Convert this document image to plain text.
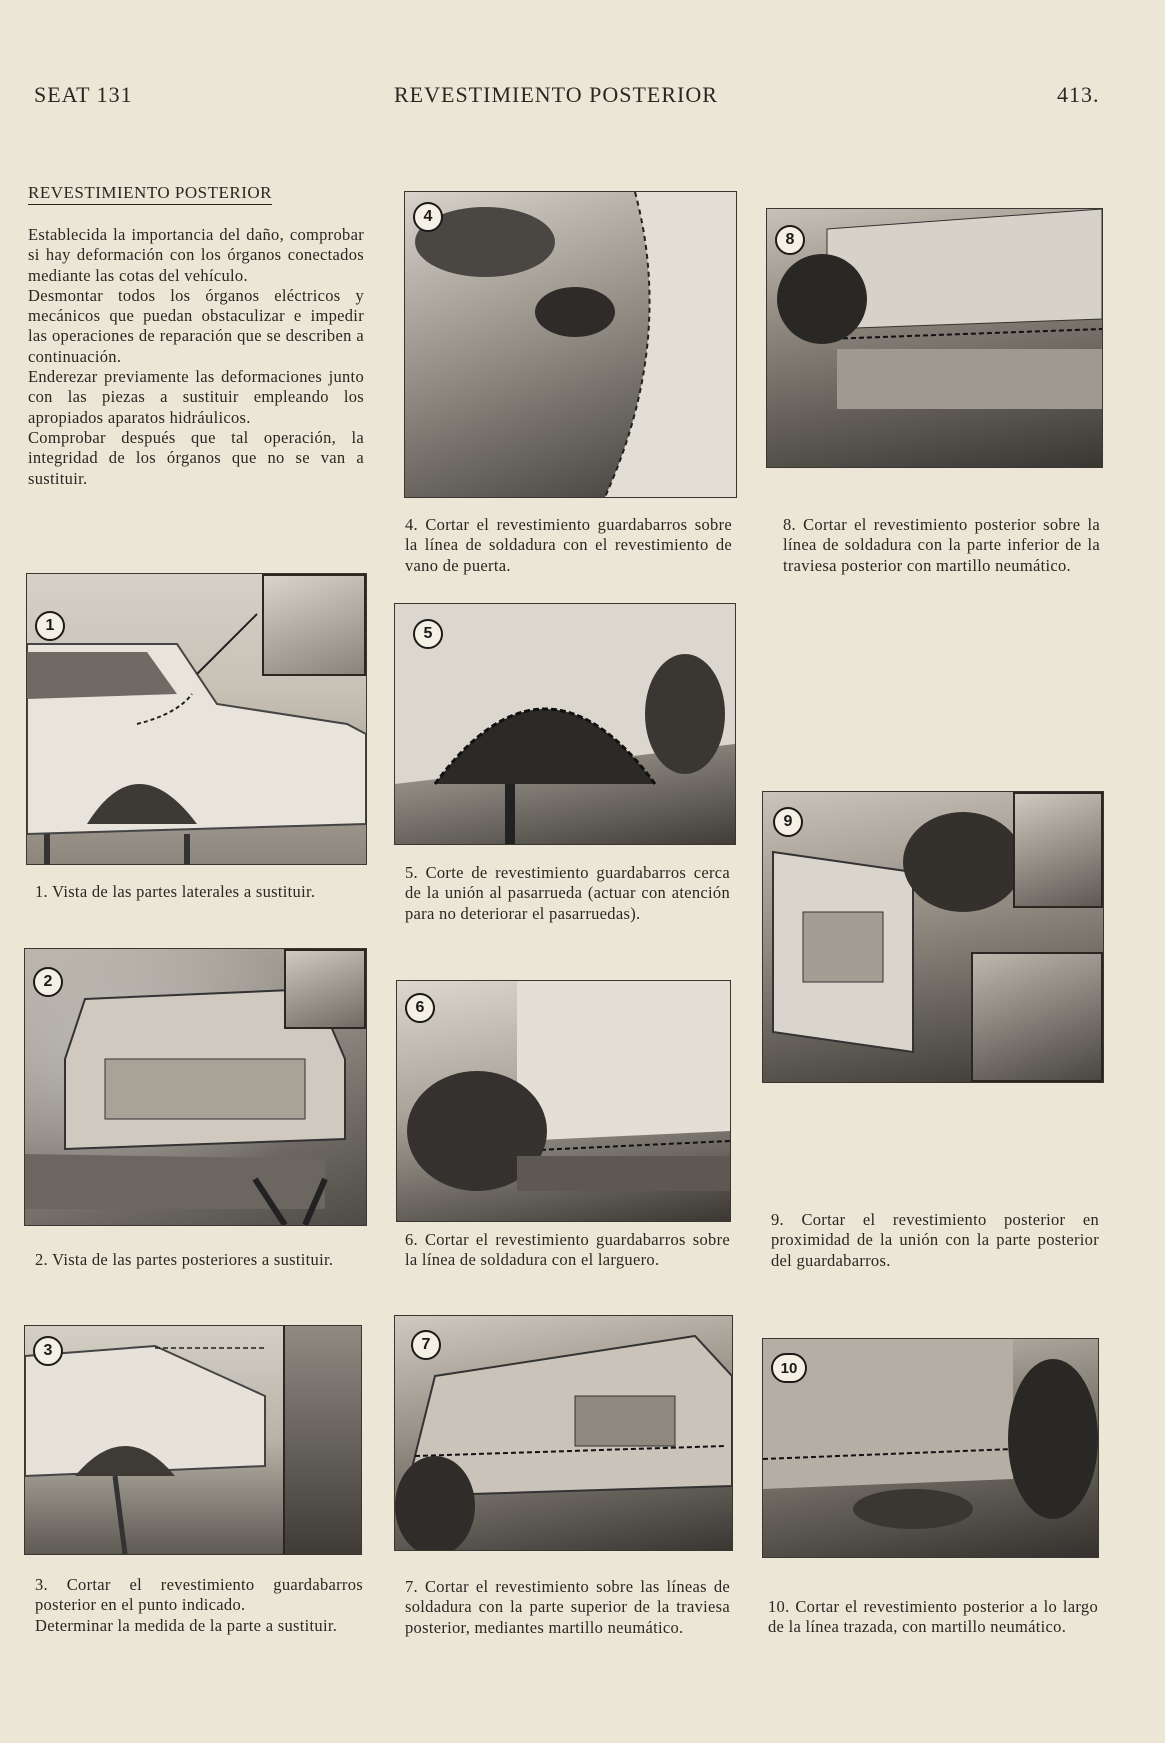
SEAT 131	REVESTIMIENTO POSTERIOR	413.
REVESTIMIENTO POSTERIOR

Establecida la importancia del daño, comprobar si hay deformación con los órganos conectados mediante las cotas del vehículo.

Desmontar todos los órganos eléctricos y mecánicos que puedan obstaculizar e impedir las operaciones de reparación que se describen a continuación.

Enderezar previamente las deformaciones junto con las piezas a sustituir empleando los apropiados aparatos hidráulicos.

Comprobar después que tal operación, la integridad de los órganos que no se van a sustituir.

1
1. Vista de las partes laterales a sustituir.
2
2. Vista de las partes posteriores a sustituir.
3
3. Cortar el revestimiento guardabarros posterior en el punto indicado.
Determinar la medida de la parte a sustituir.
4
4. Cortar el revestimiento guardabarros sobre la línea de soldadura con el revestimiento de vano de puerta.
5
5. Corte de revestimiento guardabarros cerca de la unión al pasarrueda (actuar con atención para no deteriorar el pasarruedas).
6
6. Cortar el revestimiento guardabarros sobre la línea de soldadura con el larguero.
7
7. Cortar el revestimiento sobre las líneas de soldadura con la parte superior de la traviesa posterior, mediantes martillo neumático.
8
8. Cortar el revestimiento posterior sobre la línea de soldadura con la parte inferior de la traviesa posterior con martillo neumático.
9
9. Cortar el revestimiento posterior en proximidad de la unión con la parte posterior del guardabarros.
10
10. Cortar el revestimiento posterior a lo largo de la línea trazada, con martillo neumático.
